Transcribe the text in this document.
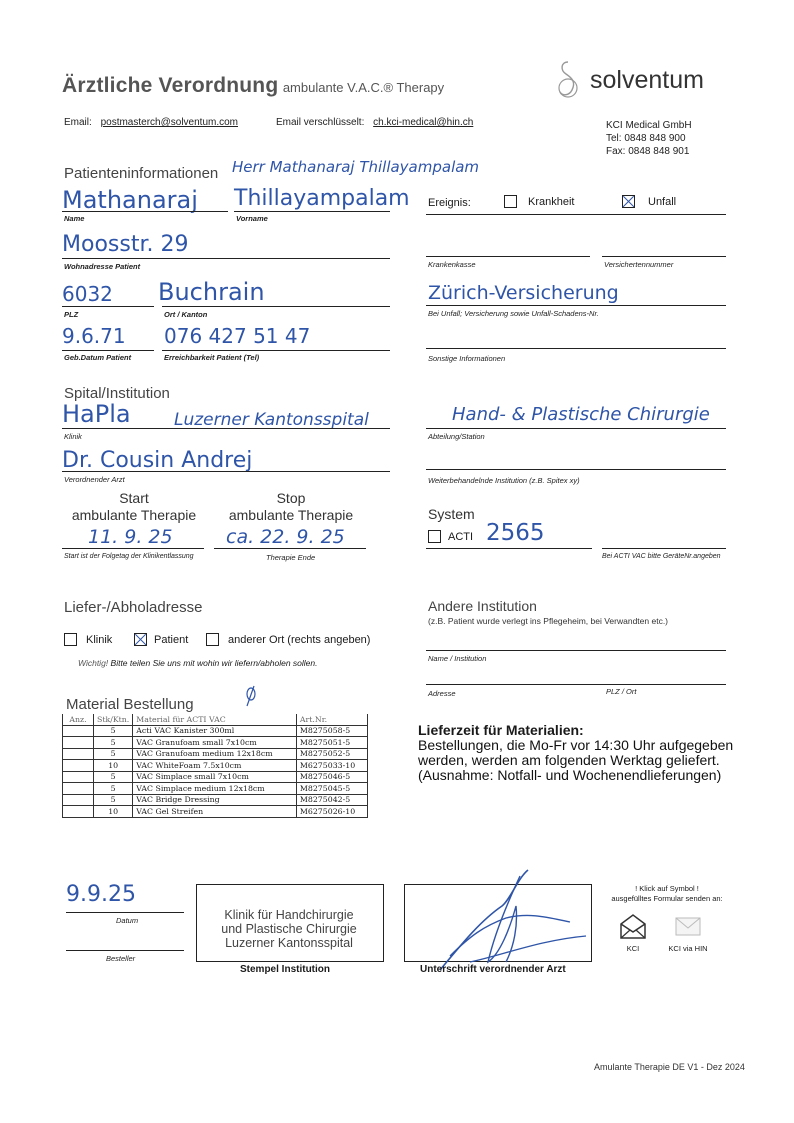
Ärztliche Verordnung ambulante V.A.C.® Therapy	solventum
Email: postmasterch@solventum.com	Email verschlüsselt: ch.kci-medical@hin.ch	KCI Medical GmbH
Tel: 0848 848 900
Fax: 0848 848 901
Patienteninformationen Herr Mathanaraj Thillayampalam
Mathanaraj Thillayampalam
Name	Vorname
Ereignis:	Krankheit	Unfall
Moosstr. 29
Wohnadresse Patient	Krankenkasse	Versichertennummer
6032 Buchrain
PLZ	Ort / Kanton
Zürich-Versicherung
Bei Unfall; Versicherung sowie Unfall-Schadens-Nr.
9.6.71 076 427 51 47
Geb.Datum Patient	Erreichbarkeit Patient (Tel)	Sonstige Informationen
Spital/Institution
HaPla	Luzerner Kantonsspital	Hand- & Plastische Chirurgie
Klinik	Abteilung/Station
Dr. Cousin Andrej
Verordnender Arzt	Weiterbehandelnde Institution (z.B. Spitex xy)
Start
ambulante Therapie
Stop
ambulante Therapie
11. 9. 25	ca. 22. 9. 25
Start ist der Folgetag der Klinikentlassung	Therapie Ende
System
ACTI 2565
Bei ACTI VAC bitte GeräteNr.angeben
Liefer-/Abholadresse
Klinik	Patient	anderer Ort (rechts angeben)
Wichtig! Bitte teilen Sie uns mit wohin wir liefern/abholen sollen.
Andere Institution
(z.B. Patient wurde verlegt ins Pflegeheim, bei Verwandten etc.)
Name / Institution
Adresse	PLZ / Ort
Material Bestellung
Anz.	Stk/Ktn.	Material für ACTI VAC	Art.Nr.
	5	Acti VAC Kanister 300ml	M8275058-5
	5	VAC Granufoam small 7x10cm	M8275051-5
	5	VAC Granufoam medium 12x18cm	M8275052-5
	10	VAC WhiteFoam 7.5x10cm	M6275033-10
	5	VAC Simplace small 7x10cm	M8275046-5
	5	VAC Simplace medium 12x18cm	M8275045-5
	5	VAC Bridge Dressing	M8275042-5
	10	VAC Gel Streifen	M6275026-10
Lieferzeit für Materialien:
Bestellungen, die Mo-Fr vor 14:30 Uhr aufgegeben
werden, werden am folgenden Werktag geliefert.
(Ausnahme: Notfall- und Wochenendlieferungen)
9.9.25
Datum
Besteller
Klinik für Handchirurgie
und Plastische Chirurgie
Luzerner Kantonsspital
Stempel Institution	Unterschrift verordnender Arzt
! Klick auf Symbol !
ausgefülltes Formular senden an:
KCI	KCI via HIN
Amulante Therapie DE V1 - Dez 2024
